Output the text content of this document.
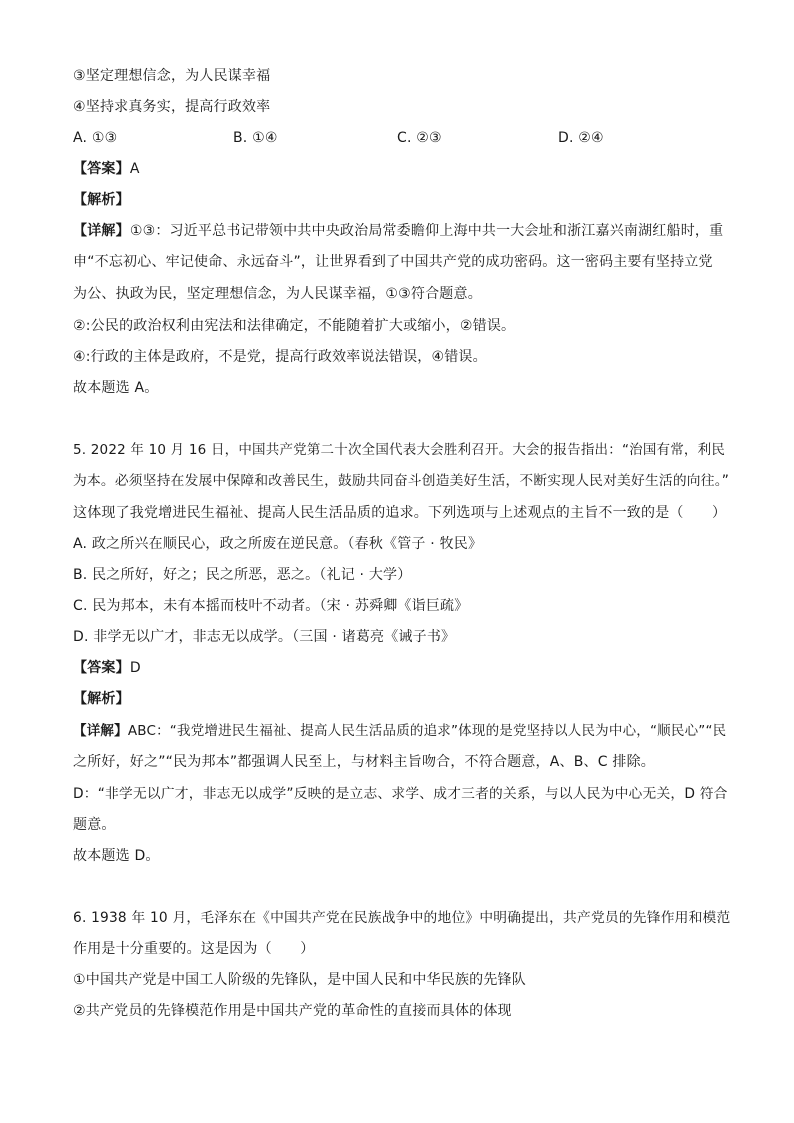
③坚定理想信念，为人民谋幸福
④坚持求真务实，提高行政效率
A. ①③	B. ①④	C. ②③	D. ②④
【答案】A
【解析】
【详解】①③：习近平总书记带领中共中央政治局常委瞻仰上海中共一大会址和浙江嘉兴南湖红船时，重
申“不忘初心、牢记使命、永远奋斗”，让世界看到了中国共产党的成功密码。这一密码主要有坚持立党
为公、执政为民，坚定理想信念，为人民谋幸福，①③符合题意。
②:公民的政治权利由宪法和法律确定，不能随着扩大或缩小，②错误。
④:行政的主体是政府，不是党，提高行政效率说法错误，④错误。
故本题选 A。
5. 2022 年 10 月 16 日，中国共产党第二十次全国代表大会胜利召开。大会的报告指出：“治国有常，利民
为本。必须坚持在发展中保障和改善民生，鼓励共同奋斗创造美好生活，不断实现人民对美好生活的向往。”
这体现了我党增进民生福祉、提高人民生活品质的追求。下列选项与上述观点的主旨不一致的是（　　）
A. 政之所兴在顺民心，政之所废在逆民意。（春秋《管子 · 牧民》
B. 民之所好，好之；民之所恶，恶之。（礼记 · 大学）
C. 民为邦本，未有本摇而枝叶不动者。（宋 · 苏舜卿《诣巨疏》
D. 非学无以广才，非志无以成学。（三国 · 诸葛亮《诫子书》
【答案】D
【解析】
【详解】ABC：“我党增进民生福祉、提高人民生活品质的追求”体现的是党坚持以人民为中心，“顺民心”“民
之所好，好之”“民为邦本”都强调人民至上，与材料主旨吻合，不符合题意，A、B、C 排除。
D：“非学无以广才，非志无以成学”反映的是立志、求学、成才三者的关系，与以人民为中心无关，D 符合
题意。
故本题选 D。
6. 1938 年 10 月，毛泽东在《中国共产党在民族战争中的地位》中明确提出，共产党员的先锋作用和模范
作用是十分重要的。这是因为（　　）
①中国共产党是中国工人阶级的先锋队，是中国人民和中华民族的先锋队
②共产党员的先锋模范作用是中国共产党的革命性的直接而具体的体现
